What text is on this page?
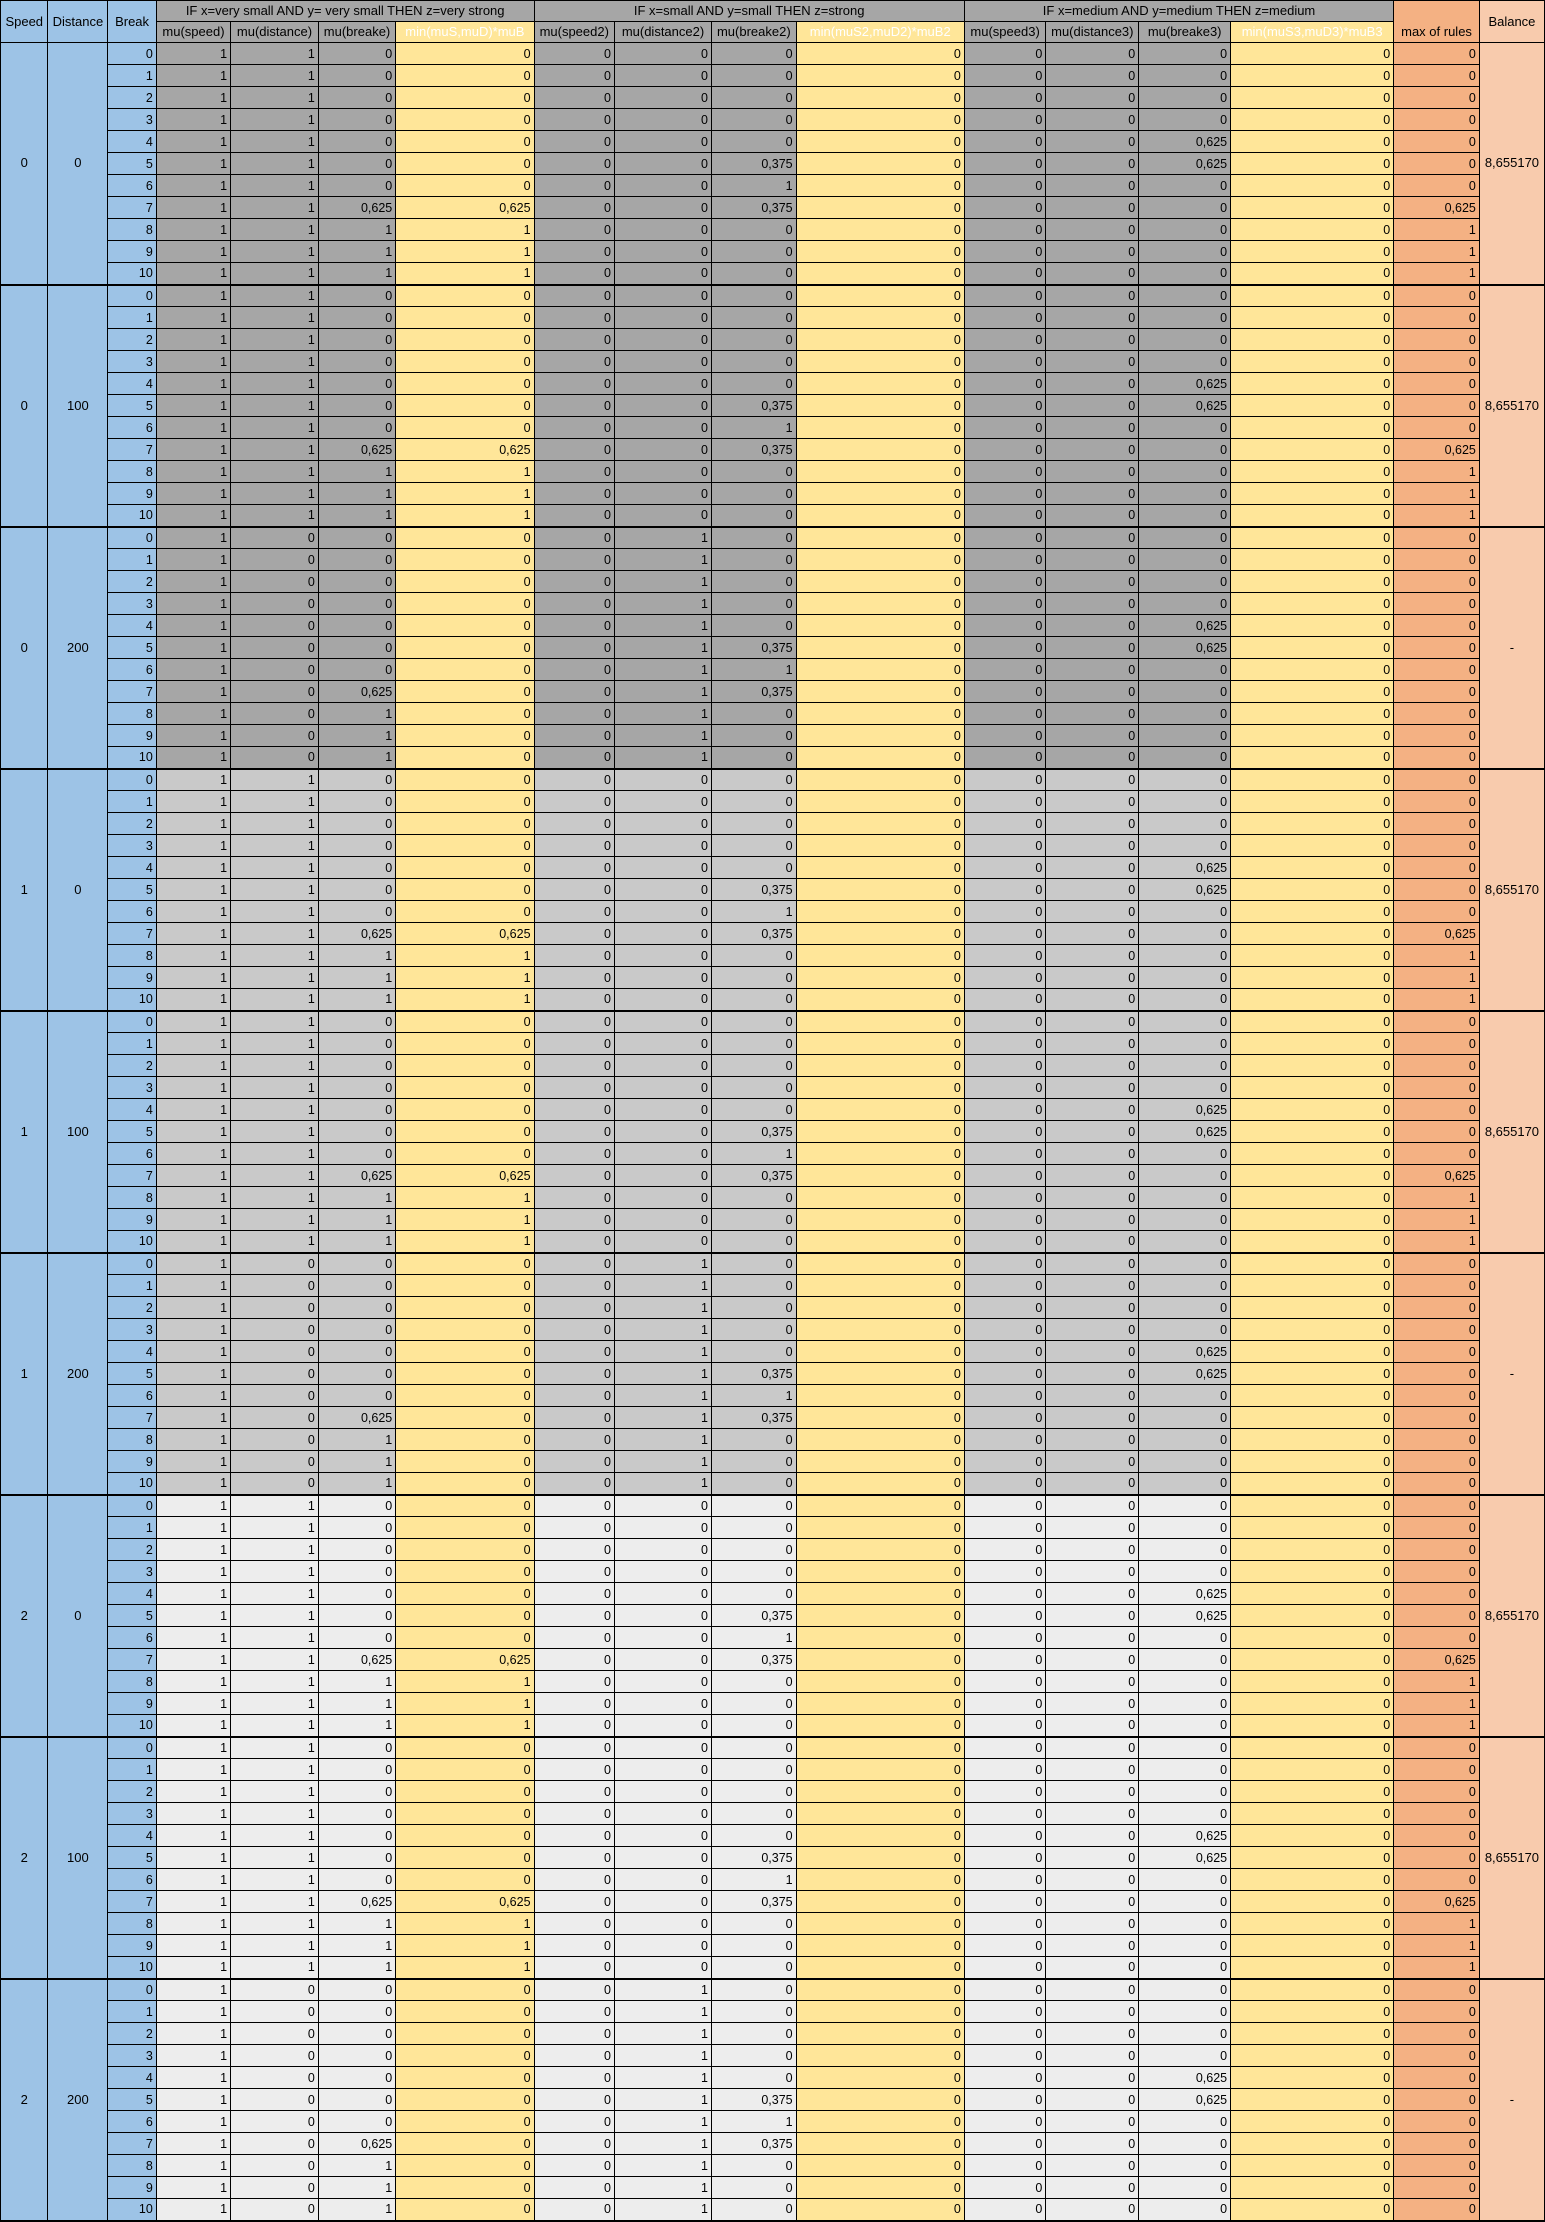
Speed	Distance	Break	IF x=very small AND y= very small THEN z=very strong				IF x=small AND y=small THEN z=strong				IF x=medium AND y=medium THEN z=medium				max of rules	Balance
			mu(speed)	mu(distance)	mu(breake)	min(muS,muD)*muB	mu(speed2)	mu(distance2)	mu(breake2)	min(muS2,muD2)*muB2	mu(speed3)	mu(distance3)	mu(breake3)	min(muS3,muD3)*muB3		
0	0	0	1	1	0	0	0	0	0	0	0	0	0	0	0	8,655170
		1	1	1	0	0	0	0	0	0	0	0	0	0	0	
		2	1	1	0	0	0	0	0	0	0	0	0	0	0	
		3	1	1	0	0	0	0	0	0	0	0	0	0	0	
		4	1	1	0	0	0	0	0	0	0	0	0,625	0	0	
		5	1	1	0	0	0	0	0,375	0	0	0	0,625	0	0	
		6	1	1	0	0	0	0	1	0	0	0	0	0	0	
		7	1	1	0,625	0,625	0	0	0,375	0	0	0	0	0	0,625	
		8	1	1	1	1	0	0	0	0	0	0	0	0	1	
		9	1	1	1	1	0	0	0	0	0	0	0	0	1	
		10	1	1	1	1	0	0	0	0	0	0	0	0	1	
0	100	0	1	1	0	0	0	0	0	0	0	0	0	0	0	8,655170
		1	1	1	0	0	0	0	0	0	0	0	0	0	0	
		2	1	1	0	0	0	0	0	0	0	0	0	0	0	
		3	1	1	0	0	0	0	0	0	0	0	0	0	0	
		4	1	1	0	0	0	0	0	0	0	0	0,625	0	0	
		5	1	1	0	0	0	0	0,375	0	0	0	0,625	0	0	
		6	1	1	0	0	0	0	1	0	0	0	0	0	0	
		7	1	1	0,625	0,625	0	0	0,375	0	0	0	0	0	0,625	
		8	1	1	1	1	0	0	0	0	0	0	0	0	1	
		9	1	1	1	1	0	0	0	0	0	0	0	0	1	
		10	1	1	1	1	0	0	0	0	0	0	0	0	1	
0	200	0	1	0	0	0	0	1	0	0	0	0	0	0	0	-
		1	1	0	0	0	0	1	0	0	0	0	0	0	0	
		2	1	0	0	0	0	1	0	0	0	0	0	0	0	
		3	1	0	0	0	0	1	0	0	0	0	0	0	0	
		4	1	0	0	0	0	1	0	0	0	0	0,625	0	0	
		5	1	0	0	0	0	1	0,375	0	0	0	0,625	0	0	
		6	1	0	0	0	0	1	1	0	0	0	0	0	0	
		7	1	0	0,625	0	0	1	0,375	0	0	0	0	0	0	
		8	1	0	1	0	0	1	0	0	0	0	0	0	0	
		9	1	0	1	0	0	1	0	0	0	0	0	0	0	
		10	1	0	1	0	0	1	0	0	0	0	0	0	0	
1	0	0	1	1	0	0	0	0	0	0	0	0	0	0	0	8,655170
		1	1	1	0	0	0	0	0	0	0	0	0	0	0	
		2	1	1	0	0	0	0	0	0	0	0	0	0	0	
		3	1	1	0	0	0	0	0	0	0	0	0	0	0	
		4	1	1	0	0	0	0	0	0	0	0	0,625	0	0	
		5	1	1	0	0	0	0	0,375	0	0	0	0,625	0	0	
		6	1	1	0	0	0	0	1	0	0	0	0	0	0	
		7	1	1	0,625	0,625	0	0	0,375	0	0	0	0	0	0,625	
		8	1	1	1	1	0	0	0	0	0	0	0	0	1	
		9	1	1	1	1	0	0	0	0	0	0	0	0	1	
		10	1	1	1	1	0	0	0	0	0	0	0	0	1	
1	100	0	1	1	0	0	0	0	0	0	0	0	0	0	0	8,655170
		1	1	1	0	0	0	0	0	0	0	0	0	0	0	
		2	1	1	0	0	0	0	0	0	0	0	0	0	0	
		3	1	1	0	0	0	0	0	0	0	0	0	0	0	
		4	1	1	0	0	0	0	0	0	0	0	0,625	0	0	
		5	1	1	0	0	0	0	0,375	0	0	0	0,625	0	0	
		6	1	1	0	0	0	0	1	0	0	0	0	0	0	
		7	1	1	0,625	0,625	0	0	0,375	0	0	0	0	0	0,625	
		8	1	1	1	1	0	0	0	0	0	0	0	0	1	
		9	1	1	1	1	0	0	0	0	0	0	0	0	1	
		10	1	1	1	1	0	0	0	0	0	0	0	0	1	
1	200	0	1	0	0	0	0	1	0	0	0	0	0	0	0	-
		1	1	0	0	0	0	1	0	0	0	0	0	0	0	
		2	1	0	0	0	0	1	0	0	0	0	0	0	0	
		3	1	0	0	0	0	1	0	0	0	0	0	0	0	
		4	1	0	0	0	0	1	0	0	0	0	0,625	0	0	
		5	1	0	0	0	0	1	0,375	0	0	0	0,625	0	0	
		6	1	0	0	0	0	1	1	0	0	0	0	0	0	
		7	1	0	0,625	0	0	1	0,375	0	0	0	0	0	0	
		8	1	0	1	0	0	1	0	0	0	0	0	0	0	
		9	1	0	1	0	0	1	0	0	0	0	0	0	0	
		10	1	0	1	0	0	1	0	0	0	0	0	0	0	
2	0	0	1	1	0	0	0	0	0	0	0	0	0	0	0	8,655170
		1	1	1	0	0	0	0	0	0	0	0	0	0	0	
		2	1	1	0	0	0	0	0	0	0	0	0	0	0	
		3	1	1	0	0	0	0	0	0	0	0	0	0	0	
		4	1	1	0	0	0	0	0	0	0	0	0,625	0	0	
		5	1	1	0	0	0	0	0,375	0	0	0	0,625	0	0	
		6	1	1	0	0	0	0	1	0	0	0	0	0	0	
		7	1	1	0,625	0,625	0	0	0,375	0	0	0	0	0	0,625	
		8	1	1	1	1	0	0	0	0	0	0	0	0	1	
		9	1	1	1	1	0	0	0	0	0	0	0	0	1	
		10	1	1	1	1	0	0	0	0	0	0	0	0	1	
2	100	0	1	1	0	0	0	0	0	0	0	0	0	0	0	8,655170
		1	1	1	0	0	0	0	0	0	0	0	0	0	0	
		2	1	1	0	0	0	0	0	0	0	0	0	0	0	
		3	1	1	0	0	0	0	0	0	0	0	0	0	0	
		4	1	1	0	0	0	0	0	0	0	0	0,625	0	0	
		5	1	1	0	0	0	0	0,375	0	0	0	0,625	0	0	
		6	1	1	0	0	0	0	1	0	0	0	0	0	0	
		7	1	1	0,625	0,625	0	0	0,375	0	0	0	0	0	0,625	
		8	1	1	1	1	0	0	0	0	0	0	0	0	1	
		9	1	1	1	1	0	0	0	0	0	0	0	0	1	
		10	1	1	1	1	0	0	0	0	0	0	0	0	1	
2	200	0	1	0	0	0	0	1	0	0	0	0	0	0	0	-
		1	1	0	0	0	0	1	0	0	0	0	0	0	0	
		2	1	0	0	0	0	1	0	0	0	0	0	0	0	
		3	1	0	0	0	0	1	0	0	0	0	0	0	0	
		4	1	0	0	0	0	1	0	0	0	0	0,625	0	0	
		5	1	0	0	0	0	1	0,375	0	0	0	0,625	0	0	
		6	1	0	0	0	0	1	1	0	0	0	0	0	0	
		7	1	0	0,625	0	0	1	0,375	0	0	0	0	0	0	
		8	1	0	1	0	0	1	0	0	0	0	0	0	0	
		9	1	0	1	0	0	1	0	0	0	0	0	0	0	
		10	1	0	1	0	0	1	0	0	0	0	0	0	0	
